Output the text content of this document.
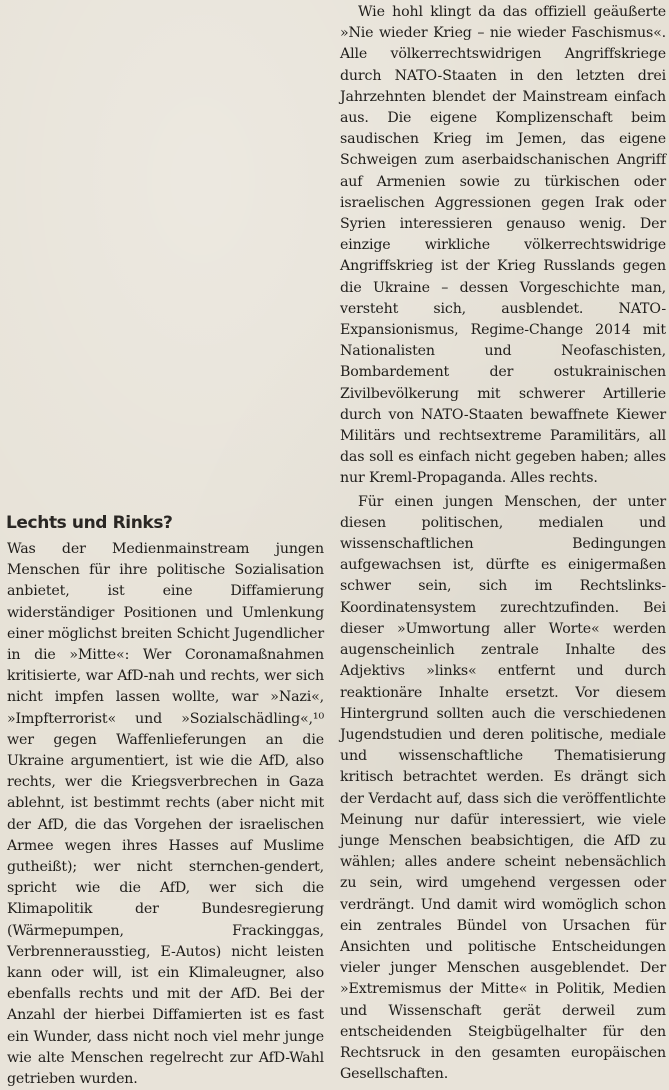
Lechts und Rinks?

Was der Medienmainstream jungen Menschen für ihre politische Sozialisation anbietet, ist eine Diffamierung widerständiger Positionen und Umlenkung einer möglichst breiten Schicht Jugendlicher in die »Mitte«: Wer Coronamaßnahmen kritisierte, war AfD-nah und rechts, wer sich nicht impfen lassen wollte, war »Nazi«, »Impfterrorist« und »Sozialschädling«,¹⁰ wer gegen Waffenlieferungen an die Ukraine argumentiert, ist wie die AfD, also rechts, wer die Kriegsverbrechen in Gaza ablehnt, ist bestimmt rechts (aber nicht mit der AfD, die das Vorgehen der israelischen Armee wegen ihres Hasses auf Muslime gutheißt); wer nicht sternchen-gendert, spricht wie die AfD, wer sich die Klimapolitik der Bundesregierung (Wärmepumpen, Frackinggas, Verbrennerausstieg, E-Autos) nicht leisten kann oder will, ist ein Klimaleugner, also ebenfalls rechts und mit der AfD. Bei der Anzahl der hierbei Diffamierten ist es fast ein Wunder, dass nicht noch viel mehr junge wie alte Menschen regelrecht zur AfD-Wahl getrieben wurden.

Wie hohl klingt da das offiziell geäußerte »Nie wieder Krieg – nie wieder Faschismus«. Alle völkerrechtswidrigen Angriffskriege durch NATO-Staaten in den letzten drei Jahrzehnten blendet der Mainstream einfach aus. Die eigene Komplizenschaft beim saudischen Krieg im Jemen, das eigene Schweigen zum aserbaidschanischen Angriff auf Armenien sowie zu türkischen oder israelischen Aggressionen gegen Irak oder Syrien interessieren genauso wenig. Der einzige wirkliche völkerrechtswidrige Angriffskrieg ist der Krieg Russlands gegen die Ukraine – dessen Vorgeschichte man, versteht sich, ausblendet. NATO-Expansionismus, Regime-Change 2014 mit Nationalisten und Neofaschisten, Bombardement der ostukrainischen Zivilbevölkerung mit schwerer Artillerie durch von NATO-Staaten bewaffnete Kiewer Militärs und rechtsextreme Paramilitärs, all das soll es einfach nicht gegeben haben; alles nur Kreml-Propaganda. Alles rechts.

Für einen jungen Menschen, der unter diesen politischen, medialen und wissenschaftlichen Bedingungen aufgewachsen ist, dürfte es einigermaßen schwer sein, sich im Rechtslinks-Koordinatensystem zurechtzufinden. Bei dieser »Umwortung aller Worte« werden augenscheinlich zentrale Inhalte des Adjektivs »links« entfernt und durch reaktionäre Inhalte ersetzt. Vor diesem Hintergrund sollten auch die verschiedenen Jugendstudien und deren politische, mediale und wissenschaftliche Thematisierung kritisch betrachtet werden. Es drängt sich der Verdacht auf, dass sich die veröffentlichte Meinung nur dafür interessiert, wie viele junge Menschen beabsichtigen, die AfD zu wählen; alles andere scheint nebensächlich zu sein, wird umgehend vergessen oder verdrängt. Und damit wird womöglich schon ein zentrales Bündel von Ursachen für Ansichten und politische Entscheidungen vieler junger Menschen ausgeblendet. Der »Extremismus der Mitte« in Politik, Medien und Wissenschaft gerät derweil zum entscheidenden Steigbügelhalter für den Rechtsruck in den gesamten europäischen Gesellschaften.
